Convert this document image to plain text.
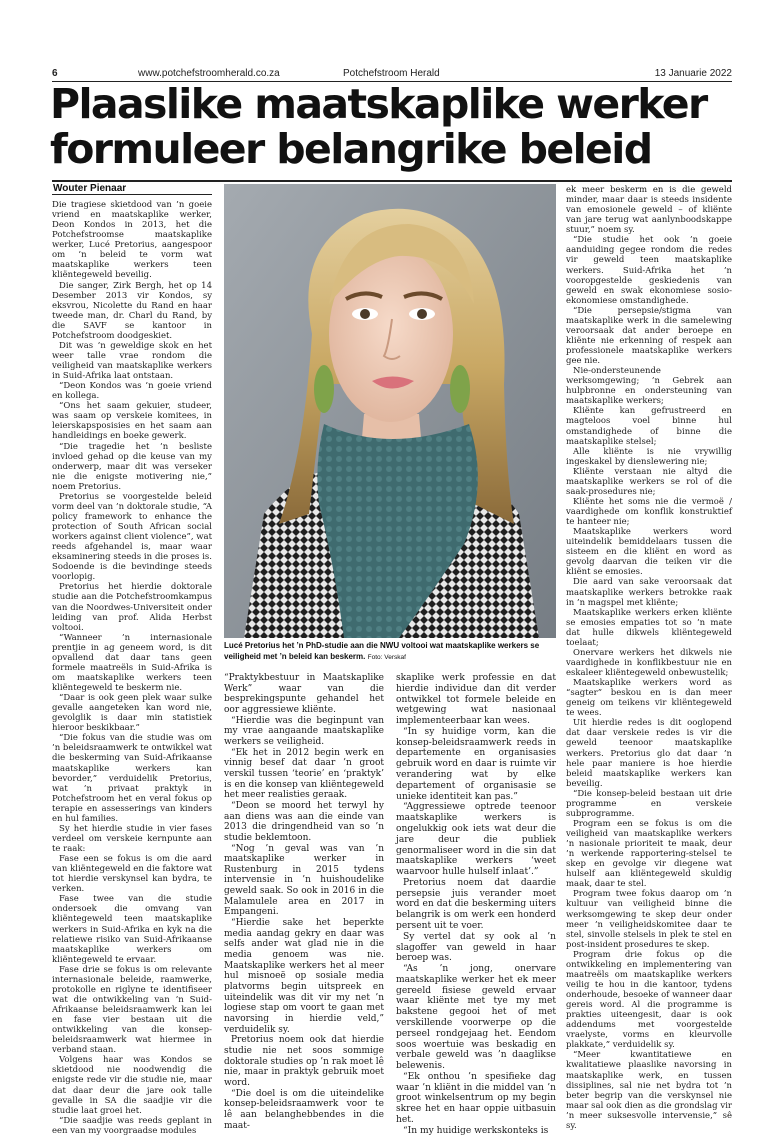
6	www.potchefstroomherald.co.za	Potchefstroom Herald	13 Januarie 2022
Plaaslike maatskaplike werker
formuleer belangrike beleid
Wouter Pienaar
Lucé Pretorius het ’n PhD-studie aan die NWU voltooi wat maatskaplike werkers se veiligheid met ’n beleid kan beskerm. Foto: Verskaf

Die tragiese skietdood van ’n goeie vriend en maatskaplike werker, Deon Kondos in 2013, het die Potchefstroomse maatskaplike werker, Lucé Pretorius, aangespoor om ’n beleid te vorm wat maatskaplike werkers teen kliëntegeweld beveilig.

Die sanger, Zirk Bergh, het op 14 Desember 2013 vir Kondos, sy eksvrou, Nicolette du Rand en haar tweede man, dr. Charl du Rand, by die SAVF se kantoor in Potchefstroom doodgeskiet.

Dit was ’n geweldige skok en het weer talle vrae rondom die veiligheid van maatskaplike werkers in Suid-Afrika laat ontstaan.

“Deon Kondos was ’n goeie vriend en kollega.

“Ons het saam gekuier, studeer, was saam op verskeie komitees, in leierskapsposisies en het saam aan handleidings en boeke gewerk.

“Die tragedie het ’n besliste invloed gehad op die keuse van my onderwerp, maar dit was verseker nie die enigste motivering nie,” noem Pretorius.

Pretorius se voorgestelde beleid vorm deel van ’n doktorale studie, “A policy framework to enhance the protection of South African social workers against client violence”, wat reeds afgehandel is, maar waar eksaminering steeds in die proses is. Sodoende is die bevindinge steeds voorlopig.

Pretorius het hierdie doktorale studie aan die Potchefstroomkampus van die Noordwes-Universiteit onder leiding van prof. Alida Herbst voltooi.

“Wanneer ’n internasionale prentjie in ag geneem word, is dit opvallend dat daar tans geen formele maatreëls in Suid-Afrika is om maatskaplike werkers teen kliëntegeweld te beskerm nie.

“Daar is ook geen plek waar sulke gevalle aangeteken kan word nie, gevolglik is daar min statistiek hieroor beskikbaar.”

“Die fokus van die studie was om ’n beleidsraamwerk te ontwikkel wat die beskerming van Suid-Afrikaanse maatskaplike werkers kan bevorder,” verduidelik Pretorius, wat ’n privaat praktyk in Potchefstroom het en veral fokus op terapie en assesserings van kinders en hul families.

Sy het hierdie studie in vier fases verdeel om verskeie kernpunte aan te raak:

Fase een se fokus is om die aard van kliëntegeweld en die faktore wat tot hierdie verskynsel kan bydra, te verken.

Fase twee van die studie ondersoek die omvang van kliëntegeweld teen maatskaplike werkers in Suid-Afrika en kyk na die relatiewe risiko van Suid-Afrikaanse maatskaplike werkers om kliëntegeweld te ervaar.

Fase drie se fokus is om relevante internasionale beleide, raamwerke, protokolle en riglyne te identifiseer wat die ontwikkeling van ’n Suid-Afrikaanse beleidsraamwerk kan lei en fase vier bestaan uit die ontwikkeling van die konsep-beleidsraamwerk wat hiermee in verband staan.

Volgens haar was Kondos se skietdood nie noodwendig die enigste rede vir die studie nie, maar dat daar deur die jare ook talle gevalle in SA die saadjie vir die studie laat groei het.

“Die saadjie was reeds geplant in een van my voorgraadse modules

“Praktykbestuur in Maatskaplike Werk” waar van die besprekingspunte gehandel het oor aggressiewe kliënte.

“Hierdie was die beginpunt van my vrae aangaande maatskaplike werkers se veiligheid.

“Ek het in 2012 begin werk en vinnig besef dat daar ’n groot verskil tussen ‘teorie’ en ‘praktyk’ is en die konsep van kliëntegeweld het meer realisties geraak.

“Deon se moord het terwyl hy aan diens was aan die einde van 2013 die dringendheid van so ’n studie beklemtoon.

“Nog ’n geval was van ’n maatskaplike werker in Rustenburg in 2015 tydens intervensie in ’n huishoudelike geweld saak. So ook in 2016 in die Malamulele area en 2017 in Empangeni.

“Hierdie sake het beperkte media aandag gekry en daar was selfs ander wat glad nie in die media genoem was nie. Maatskaplike werkers het al meer hul misnoeë op sosiale media platvorms begin uitspreek en uiteindelik was dit vir my net ’n logiese stap om voort te gaan met navorsing in hierdie veld,” verduidelik sy.

Pretorius noem ook dat hierdie studie nie net soos sommige doktorale studies op ’n rak moet lê nie, maar in praktyk gebruik moet word.

“Die doel is om die uiteindelike konsep-beleidsraamwerk voor te lê aan belanghebbendes in die maat-

skaplike werk professie en dat hierdie individue dan dit verder ontwikkel tot formele beleide en wetgewing wat nasionaal implementeerbaar kan wees.

“In sy huidige vorm, kan die konsep-beleidsraamwerk reeds in departemente en organisasies gebruik word en daar is ruimte vir verandering wat by elke departement of organisasie se unieke identiteit kan pas.”

“Aggressiewe optrede teenoor maatskaplike werkers is ongelukkig ook iets wat deur die jare deur die publiek genormaliseer word in die sin dat maatskaplike werkers ‘weet waarvoor hulle hulself inlaat’.”

Pretorius noem dat daardie persepsie juis verander moet word en dat die beskerming uiters belangrik is om werk een honderd persent uit te voer.

Sy vertel dat sy ook al ’n slagoffer van geweld in haar beroep was.

“As ’n jong, onervare maatskaplike werker het ek meer gereeld fisiese geweld ervaar waar kliënte met tye my met bakstene gegooi het of met verskillende voorwerpe op die perseel rondgejaag het. Eendom soos woertuie was beskadig en verbale geweld was ’n daaglikse belewenis.

“Ek onthou ’n spesifieke dag waar ’n kliënt in die middel van ’n groot winkelsentrum op my begin skree het en haar oppie uitbasuin het.

“In my huidige werkskonteks is

ek meer beskerm en is die geweld minder, maar daar is steeds insidente van emosionele geweld – of kliënte van jare terug wat aanlynboodskappe stuur,” noem sy.

“Die studie het ook ’n goeie aanduiding gegee rondom die redes vir geweld teen maatskaplike werkers. Suid-Afrika het ’n vooropgestelde geskiedenis van geweld en swak ekonomiese sosio-ekonomiese omstandighede.

“Die persepsie/stigma van maatskaplike werk in die samelewing veroorsaak dat ander beroepe en kliënte nie erkenning of respek aan professionele maatskaplike werkers gee nie.

Nie-ondersteunende werksomgewing; ’n Gebrek aan hulpbronne en ondersteuning van maatskaplike werkers;

Kliënte kan gefrustreerd en magteloos voel binne hul omstandighede of binne die maatskaplike stelsel;

Alle kliënte is nie vrywillig ingeskakel by dienslewering nie;

Kliënte verstaan nie altyd die maatskaplike werkers se rol of die saak-prosedures nie;

Kliënte het soms nie die vermoë / vaardighede om konflik konstruktief te hanteer nie;

Maatskaplike werkers word uiteindelik bemiddelaars tussen die sisteem en die kliënt en word as gevolg daarvan die teiken vir die kliënt se emosies.

Die aard van sake veroorsaak dat maatskaplike werkers betrokke raak in ’n magspel met kliënte;

Maatskaplike werkers erken kliënte se emosies empaties tot so ’n mate dat hulle dikwels kliëntegeweld toelaat;

Onervare werkers het dikwels nie vaardighede in konflikbestuur nie en eskaleer kliëntegeweld onbewustelik;

Maatskaplike werkers word as “sagter” beskou en is dan meer geneig om teikens vir kliëntegeweld te wees.

Uit hierdie redes is dit ooglopend dat daar verskeie redes is vir die geweld teenoor maatskaplike werkers. Pretorius glo dat daar ’n hele paar maniere is hoe hierdie beleid maatskaplike werkers kan beveilig.

“Die konsep-beleid bestaan uit drie programme en verskeie subprogramme.

Program een se fokus is om die veiligheid van maatskaplike werkers ’n nasionale prioriteit te maak, deur ’n werkende rapportering-stelsel te skep en gevolge vir diegene wat hulself aan kliëntegeweld skuldig maak, daar te stel.

Program twee fokus daarop om ’n kultuur van veiligheid binne die werksomgewing te skep deur onder meer ’n veiligheidskomitee daar te stel, sinvolle stelsels in plek te stel en post-insident prosedures te skep.

Program drie fokus op die ontwikkeling en implementering van maatreëls om maatskaplike werkers veilig te hou in die kantoor, tydens onderhoude, besoeke of wanneer daar gereis word. Al die programme is prakties uiteengesit, daar is ook addendums met voorgestelde vraelyste, vorms en kleurvolle plakkate,” verduidelik sy.

“Meer kwantitatiewe en kwalitatiewe plaaslike navorsing in maatskaplike werk, en tussen dissiplines, sal nie net bydra tot ’n beter begrip van die verskynsel nie maar sal ook dien as die grondslag vir ’n meer suksesvolle intervensie,” sê sy.
